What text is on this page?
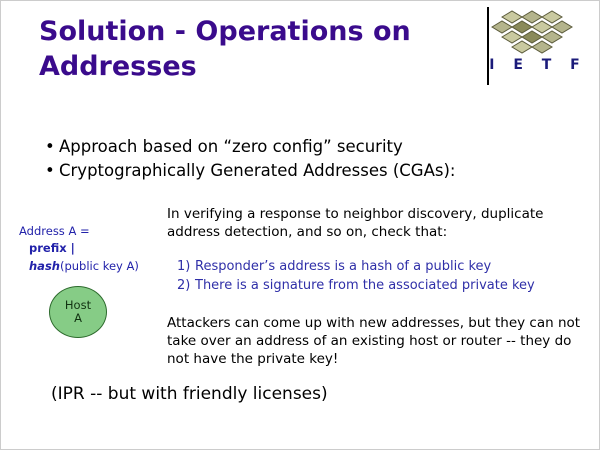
Solution - Operations on Addresses	I E T F
• Approach based on “zero config” security
• Cryptographically Generated Addresses (CGAs):
Address A =
prefix |
hash(public key A)
Host
A
In verifying a response to neighbor discovery, duplicate address detection, and so on, check that:
1) Responder’s address is a hash of a public key
2) There is a signature from the associated private key
Attackers can come up with new addresses, but they can not take over an address of an existing host or router -- they do not have the private key!
(IPR -- but with friendly licenses)
